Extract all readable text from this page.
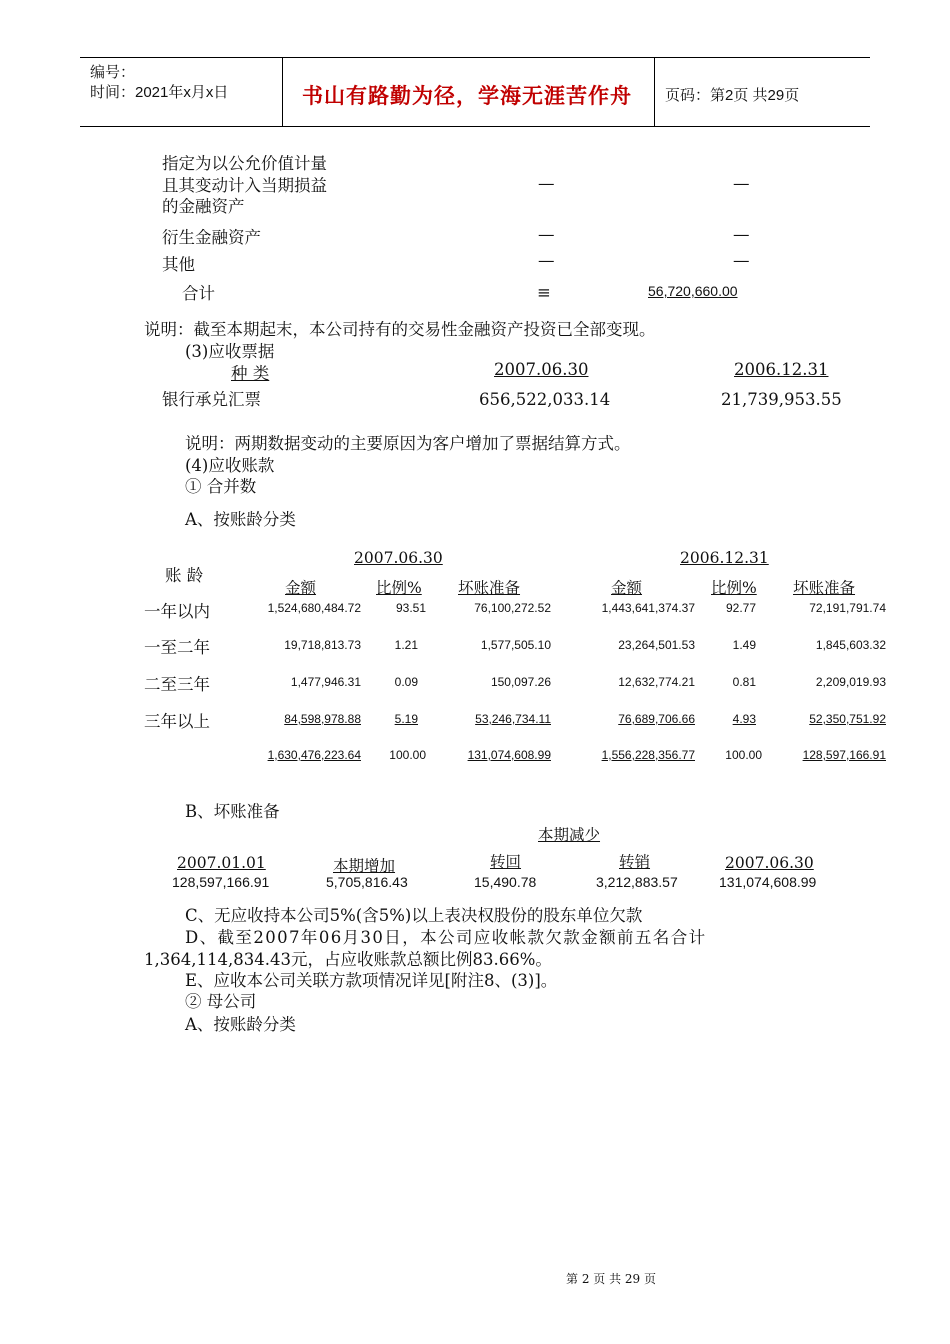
编号：
时间：2021年x月x日	书山有路勤为径，学海无涯苦作舟 页码：第2页 共29页
指定为以公允价值计量
且其变动计入当期损益
的金融资产
—	—
衍生金融资产	—	—
其他	—	—
合计	≡	56,720,660.00
说明：截至本期起末，本公司持有的交易性金融资产投资已全部变现。
(3)应收票据
种 类	2007.06.30	2006.12.31
银行承兑汇票	656,522,033.14	21,739,953.55
说明：两期数据变动的主要原因为客户增加了票据结算方式。
(4)应收账款
① 合并数
A、按账龄分类
2007.06.30	2006.12.31
账 龄
金额	比例% 坏账准备	金额	比例% 坏账准备
一年以内	1,524,680,484.72	93.51	76,100,272.52	1,443,641,374.37	92.77	72,191,791.74
一至二年	19,718,813.73	1.21	1,577,505.10	23,264,501.53	1.49	1,845,603.32
二至三年	1,477,946.31	0.09	150,097.26	12,632,774.21	0.81	2,209,019.93
三年以上	84,598,978.88	5.19	53,246,734.11	76,689,706.66	4.93	52,350,751.92
1,630,476,223.64	100.00	131,074,608.99	1,556,228,356.77	100.00	128,597,166.91
B、坏账准备
本期减少
2007.01.01	本期增加	转回	转销	2007.06.30
128,597,166.91	5,705,816.43	15,490.78	3,212,883.57	131,074,608.99
C、无应收持本公司5%(含5%)以上表决权股份的股东单位欠款
D、截至2007年06月30日，本公司应收帐款欠款金额前五名合计
1,364,114,834.43元，占应收账款总额比例83.66%。
E、应收本公司关联方款项情况详见[附注8、(3)]。
② 母公司
A、按账龄分类
第 2 页 共 29 页
